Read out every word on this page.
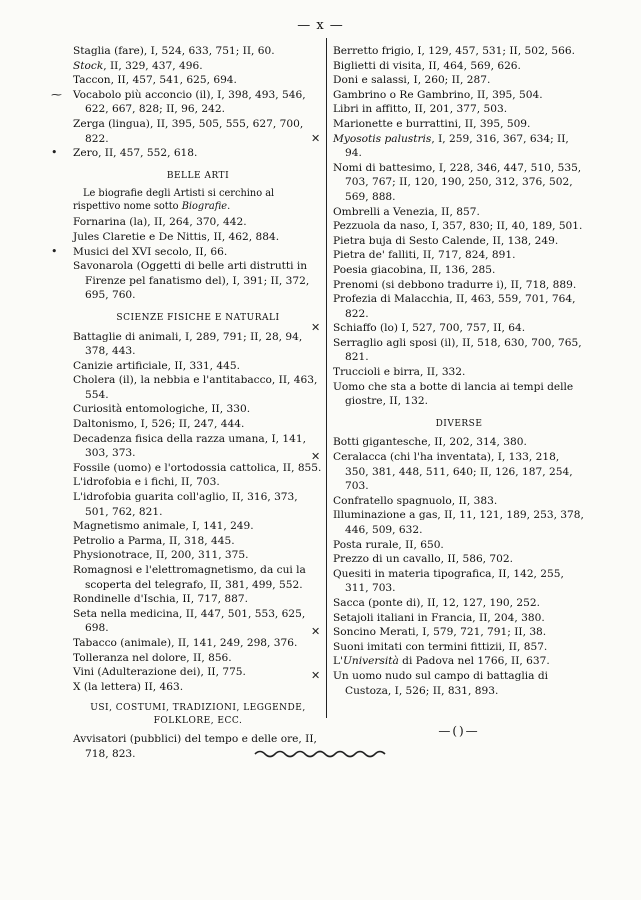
— x —
Staglia (fare), I, 524, 633, 751; II, 60.
Stock, II, 329, 437, 496.
Taccon, II, 457, 541, 625, 694.
⁓ Vocabolo più acconcio (il), I, 398, 493, 546, 622, 667, 828; II, 96, 242.
Zerga (lingua), II, 395, 505, 555, 627, 700, 822.
• Zero, II, 457, 552, 618.
BELLE ARTI
Le biografie degli Artisti si cerchino al rispettivo nome sotto Biografie.
Fornarina (la), II, 264, 370, 442.
Jules Claretie e De Nittis, II, 462, 884.
• Musici del XVI secolo, II, 66.
Savonarola (Oggetti di belle arti distrutti in Firenze pel fanatismo del), I, 391; II, 372, 695, 760.
SCIENZE FISICHE E NATURALI
Battaglie di animali, I, 289, 791; II, 28, 94, 378, 443.
Canizie artificiale, II, 331, 445.
Cholera (il), la nebbia e l'antitabacco, II, 463, 554.
Curiosità entomologiche, II, 330.
Daltonismo, I, 526; II, 247, 444.
Decadenza fisica della razza umana, I, 141, 303, 373.
Fossile (uomo) e l'ortodossia cattolica, II, 855.
L'idrofobia e i fichi, II, 703.
L'idrofobia guarita coll'aglio, II, 316, 373, 501, 762, 821.
Magnetismo animale, I, 141, 249.
Petrolio a Parma, II, 318, 445.
Physionotrace, II, 200, 311, 375.
Romagnosi e l'elettromagnetismo, da cui la scoperta del telegrafo, II, 381, 499, 552.
Rondinelle d'Ischia, II, 717, 887.
Seta nella medicina, II, 447, 501, 553, 625, 698.
Tabacco (animale), II, 141, 249, 298, 376.
Tolleranza nel dolore, II, 856.
Vini (Adulterazione dei), II, 775.
X (la lettera) II, 463.
USI, COSTUMI, TRADIZIONI, LEGGENDE, FOLKLORE, ECC.
Avvisatori (pubblici) del tempo e delle ore, II, 718, 823.
Berretto frigio, I, 129, 457, 531; II, 502, 566.
Biglietti di visita, II, 464, 569, 626.
Doni e salassi, I, 260; II, 287.
Gambrino o Re Gambrino, II, 395, 504.
Libri in affitto, II, 201, 377, 503.
Marionette e burrattini, II, 395, 509.
✕ Myosotis palustris, I, 259, 316, 367, 634; II, 94.
Nomi di battesimo, I, 228, 346, 447, 510, 535, 703, 767; II, 120, 190, 250, 312, 376, 502, 569, 888.
Ombrelli a Venezia, II, 857.
Pezzuola da naso, I, 357, 830; II, 40, 189, 501.
Pietra buja di Sesto Calende, II, 138, 249.
Pietra de' falliti, II, 717, 824, 891.
Poesia giacobina, II, 136, 285.
Prenomi (si debbono tradurre i), II, 718, 889.
Profezia di Malacchia, II, 463, 559, 701, 764, 822.
✕ Schiaffo (lo) I, 527, 700, 757, II, 64.
Serraglio agli sposi (il), II, 518, 630, 700, 765, 821.
Truccioli e birra, II, 332.
Uomo che sta a botte di lancia ai tempi delle giostre, II, 132.
DIVERSE
Botti gigantesche, II, 202, 314, 380.
✕ Ceralacca (chi l'ha inventata), I, 133, 218, 350, 381, 448, 511, 640; II, 126, 187, 254, 703.
Confratello spagnuolo, II, 383.
Illuminazione a gas, II, 11, 121, 189, 253, 378, 446, 509, 632.
Posta rurale, II, 650.
Prezzo di un cavallo, II, 586, 702.
Quesiti in materia tipografica, II, 142, 255, 311, 703.
Sacca (ponte di), II, 12, 127, 190, 252.
Setajoli italiani in Francia, II, 204, 380.
✕ Soncino Merati, I, 579, 721, 791; II, 38.
Suoni imitati con termini fittizii, II, 857.
L'Università di Padova nel 1766, II, 637.
✕ Un uomo nudo sul campo di battaglia di Custoza, I, 526; II, 831, 893.
—()—
